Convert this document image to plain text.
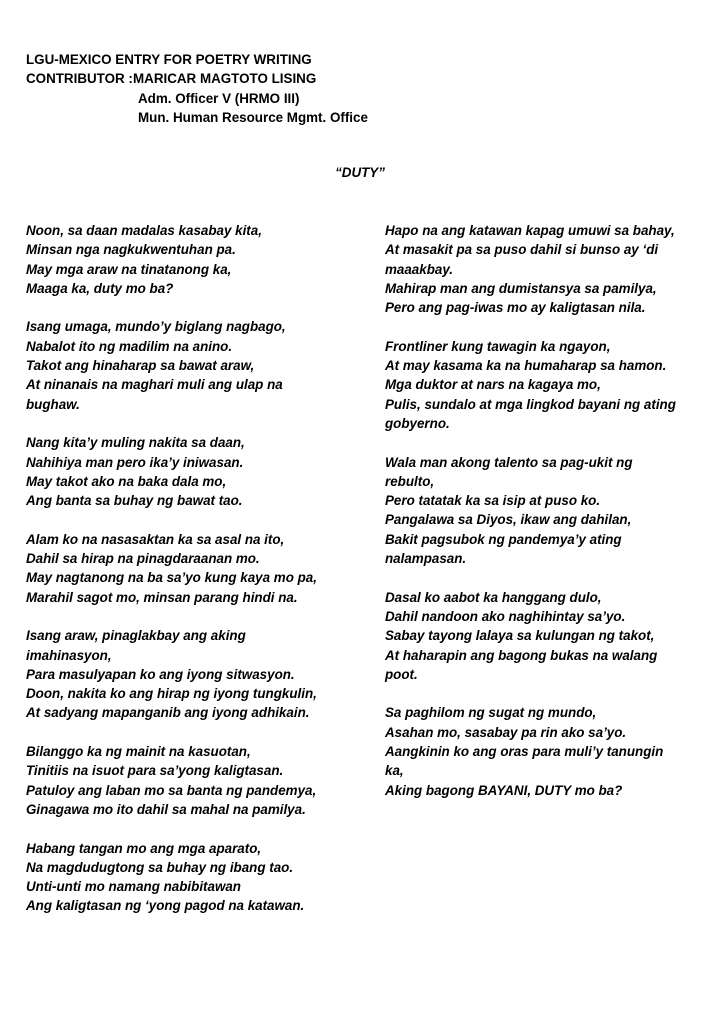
LGU-MEXICO ENTRY FOR POETRY WRITING
CONTRIBUTOR :MARICAR MAGTOTO LISING
Adm. Officer V (HRMO III)
Mun. Human Resource Mgmt. Office
“DUTY”
Noon, sa daan madalas kasabay kita,
Minsan nga nagkukwentuhan pa.
May mga araw na tinatanong ka,
Maaga ka, duty mo ba?
Isang umaga, mundo’y biglang nagbago,
Nabalot ito ng madilim na anino.
Takot ang hinaharap sa bawat araw,
At ninanais na maghari muli ang ulap na
bughaw.
Nang kita’y muling nakita sa daan,
Nahihiya man pero ika’y iniwasan.
May takot ako na baka dala mo,
Ang banta sa buhay ng bawat tao.
Alam ko na nasasaktan ka sa asal na ito,
Dahil sa hirap na pinagdaraanan mo.
May nagtanong na ba sa’yo kung kaya mo pa,
Marahil sagot mo, minsan parang hindi na.
Isang araw, pinaglakbay ang aking
imahinasyon,
Para masulyapan ko ang iyong sitwasyon.
Doon, nakita ko ang hirap ng iyong tungkulin,
At sadyang mapanganib ang iyong adhikain.
Bilanggo ka ng mainit na kasuotan,
Tinitiis na isuot para sa’yong kaligtasan.
Patuloy ang laban mo sa banta ng pandemya,
Ginagawa mo ito dahil sa mahal na pamilya.
Habang tangan mo ang mga aparato,
Na magdudugtong sa buhay ng ibang tao.
Unti-unti mo namang nabibitawan
Ang kaligtasan ng ‘yong pagod na katawan.
Hapo na ang katawan kapag umuwi sa bahay,
At masakit pa sa puso dahil si bunso ay ‘di
maaakbay.
Mahirap man ang dumistansya sa pamilya,
Pero ang pag-iwas mo ay kaligtasan nila.
Frontliner kung tawagin ka ngayon,
At may kasama ka na humaharap sa hamon.
Mga duktor at nars na kagaya mo,
Pulis, sundalo at mga lingkod bayani ng ating
gobyerno.
Wala man akong talento sa pag-ukit ng
rebulto,
Pero tatatak ka sa isip at puso ko.
Pangalawa sa Diyos, ikaw ang dahilan,
Bakit pagsubok ng pandemya’y ating
nalampasan.
Dasal ko aabot ka hanggang dulo,
Dahil nandoon ako naghihintay sa’yo.
Sabay tayong lalaya sa kulungan ng takot,
At haharapin ang bagong bukas na walang
poot.
Sa paghilom ng sugat ng mundo,
Asahan mo, sasabay pa rin ako sa’yo.
Aangkinin ko ang oras para muli’y tanungin
ka,
Aking bagong BAYANI, DUTY mo ba?
